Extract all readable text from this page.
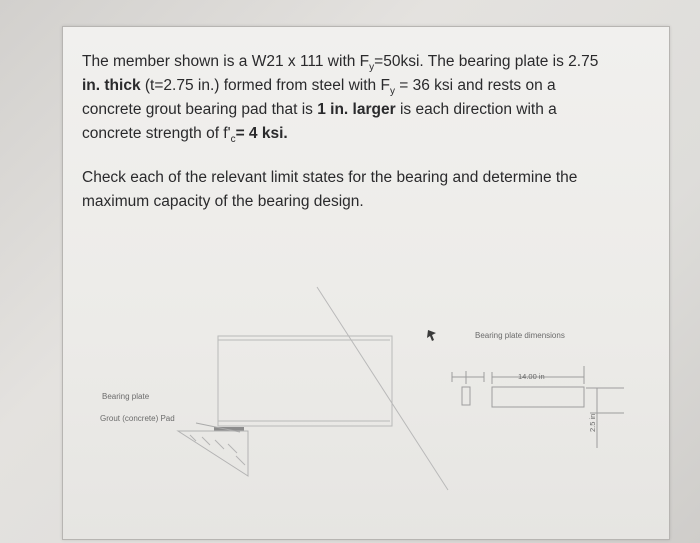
The member shown is a W21 x 111 with $F_y=50ksi$. The bearing plate is 2.75
in. thick (t=2.75 in.) formed from steel with $F_y = 36$ ksi and rests on a
concrete grout bearing pad that is 1 in. larger is each direction with a
concrete strength of $f'_c= 4$ ksi.

Check each of the relevant limit states for the bearing and determine the maximum capacity of the bearing design.

Bearing plate
Grout (concrete) Pad
Bearing plate dimensions
14.00 in
2.5 in
